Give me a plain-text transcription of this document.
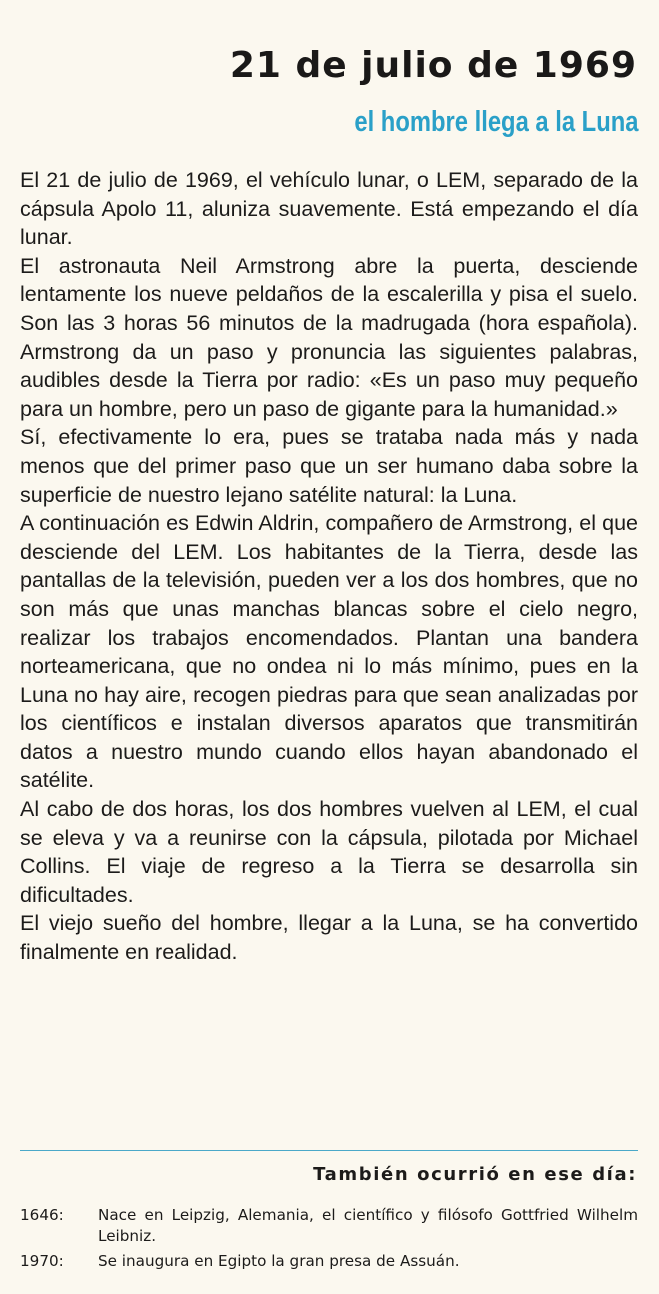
21 de julio de 1969
el hombre llega a la Luna

El 21 de julio de 1969, el vehículo lunar, o LEM, separado de la cápsula Apolo 11, aluniza suavemente. Está empezando el día lunar.

El astronauta Neil Armstrong abre la puerta, desciende lentamente los nueve peldaños de la escalerilla y pisa el suelo. Son las 3 horas 56 minutos de la madrugada (hora española). Armstrong da un paso y pronuncia las siguientes palabras, audibles desde la Tierra por radio: «Es un paso muy pequeño para un hombre, pero un paso de gigante para la humanidad.»

Sí, efectivamente lo era, pues se trataba nada más y nada menos que del primer paso que un ser humano daba sobre la superficie de nuestro lejano satélite natural: la Luna.

A continuación es Edwin Aldrin, compañero de Armstrong, el que desciende del LEM. Los habitantes de la Tierra, desde las pantallas de la televisión, pueden ver a los dos hombres, que no son más que unas manchas blancas sobre el cielo negro, realizar los trabajos encomendados. Plantan una bandera norteamericana, que no ondea ni lo más mínimo, pues en la Luna no hay aire, recogen piedras para que sean analizadas por los científicos e instalan diversos aparatos que transmitirán datos a nuestro mundo cuando ellos hayan abandonado el satélite.

Al cabo de dos horas, los dos hombres vuelven al LEM, el cual se eleva y va a reunirse con la cápsula, pilotada por Michael Collins. El viaje de regreso a la Tierra se desarrolla sin dificultades.

El viejo sueño del hombre, llegar a la Luna, se ha convertido finalmente en realidad.

También ocurrió en ese día:
1646:	Nace en Leipzig, Alemania, el científico y filósofo Gottfried Wilhelm Leibniz.
1970:	Se inaugura en Egipto la gran presa de Assuán.
